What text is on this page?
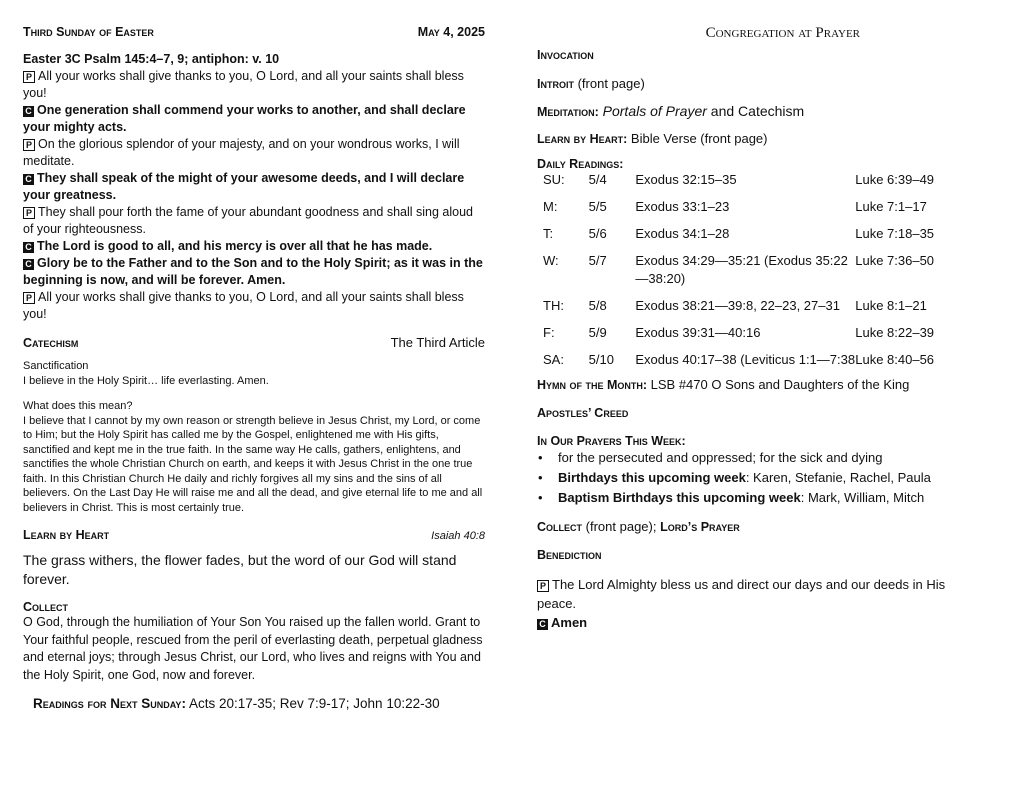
Third Sunday of Easter	May 4, 2025
Easter 3C Psalm 145:4–7, 9; antiphon: v. 10
P All your works shall give thanks to you, O Lord, and all your saints shall bless you!
C One generation shall commend your works to another, and shall declare your mighty acts.
P On the glorious splendor of your majesty, and on your wondrous works, I will meditate.
C They shall speak of the might of your awesome deeds, and I will declare your greatness.
P They shall pour forth the fame of your abundant goodness and shall sing aloud of your righteousness.
C The Lord is good to all, and his mercy is over all that he has made.
C Glory be to the Father and to the Son and to the Holy Spirit; as it was in the beginning is now, and will be forever. Amen.
P All your works shall give thanks to you, O Lord, and all your saints shall bless you!
Catechism	The Third Article
Sanctification
I believe in the Holy Spirit… life everlasting. Amen.
What does this mean?
I believe that I cannot by my own reason or strength believe in Jesus Christ, my Lord, or come to Him; but the Holy Spirit has called me by the Gospel, enlightened me with His gifts, sanctified and kept me in the true faith. In the same way He calls, gathers, enlightens, and sanctifies the whole Christian Church on earth, and keeps it with Jesus Christ in the one true faith. In this Christian Church He daily and richly forgives all my sins and the sins of all believers. On the Last Day He will raise me and all the dead, and give eternal life to me and all believers in Christ. This is most certainly true.
Learn by Heart	Isaiah 40:8
The grass withers, the flower fades, but the word of our God will stand forever.
Collect
O God, through the humiliation of Your Son You raised up the fallen world. Grant to Your faithful people, rescued from the peril of everlasting death, perpetual gladness and eternal joys; through Jesus Christ, our Lord, who lives and reigns with You and the Holy Spirit, one God, now and forever.
Readings for Next Sunday: Acts 20:17-35; Rev 7:9-17; John 10:22-30
Congregation at Prayer
Invocation
Introit (front page)
Meditation: Portals of Prayer and Catechism
Learn by Heart: Bible Verse (front page)
Daily Readings:
SU:	5/4	Exodus 32:15–35	Luke 6:39–49
M:	5/5	Exodus 33:1–23	Luke 7:1–17
T:	5/6	Exodus 34:1–28	Luke 7:18–35
W:	5/7	Exodus 34:29—35:21 (Exodus 35:22—38:20)	Luke 7:36–50
TH:	5/8	Exodus 38:21—39:8, 22–23, 27–31	Luke 8:1–21
F:	5/9	Exodus 39:31—40:16	Luke 8:22–39
SA:	5/10	Exodus 40:17–38 (Leviticus 1:1—7:38	Luke 8:40–56
Hymn of the Month: LSB #470 O Sons and Daughters of the King
Apostles’ Creed
In Our Prayers This Week:
• for the persecuted and oppressed; for the sick and dying
• Birthdays this upcoming week: Karen, Stefanie, Rachel, Paula
• Baptism Birthdays this upcoming week: Mark, William, Mitch
Collect (front page); Lord’s Prayer
Benediction
P The Lord Almighty bless us and direct our days and our deeds in His peace.
C Amen
